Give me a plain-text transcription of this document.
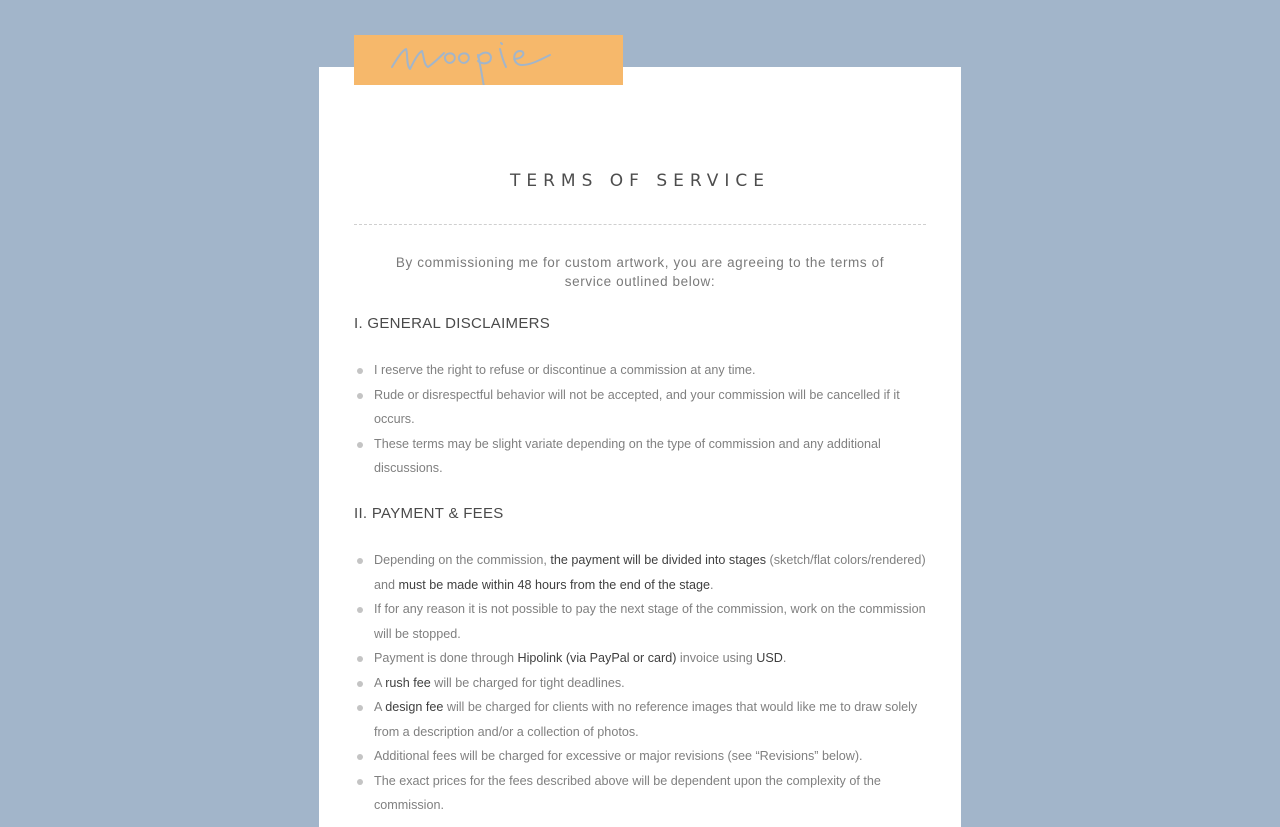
TERMS OF SERVICE
By commissioning me for custom artwork, you are agreeing to the terms of service outlined below:
I. GENERAL DISCLAIMERS
I reserve the right to refuse or discontinue a commission at any time.
Rude or disrespectful behavior will not be accepted, and your commission will be cancelled if it occurs.
These terms may be slight variate depending on the type of commission and any additional discussions.
II. PAYMENT & FEES
Depending on the commission, the payment will be divided into stages (sketch/flat colors/rendered) and must be made within 48 hours from the end of the stage.
If for any reason it is not possible to pay the next stage of the commission, work on the commission will be stopped.
Payment is done through Hipolink (via PayPal or card) invoice using USD.
A rush fee will be charged for tight deadlines.
A design fee will be charged for clients with no reference images that would like me to draw solely from a description and/or a collection of photos.
Additional fees will be charged for excessive or major revisions (see “Revisions” below).
The exact prices for the fees described above will be dependent upon the complexity of the commission.
